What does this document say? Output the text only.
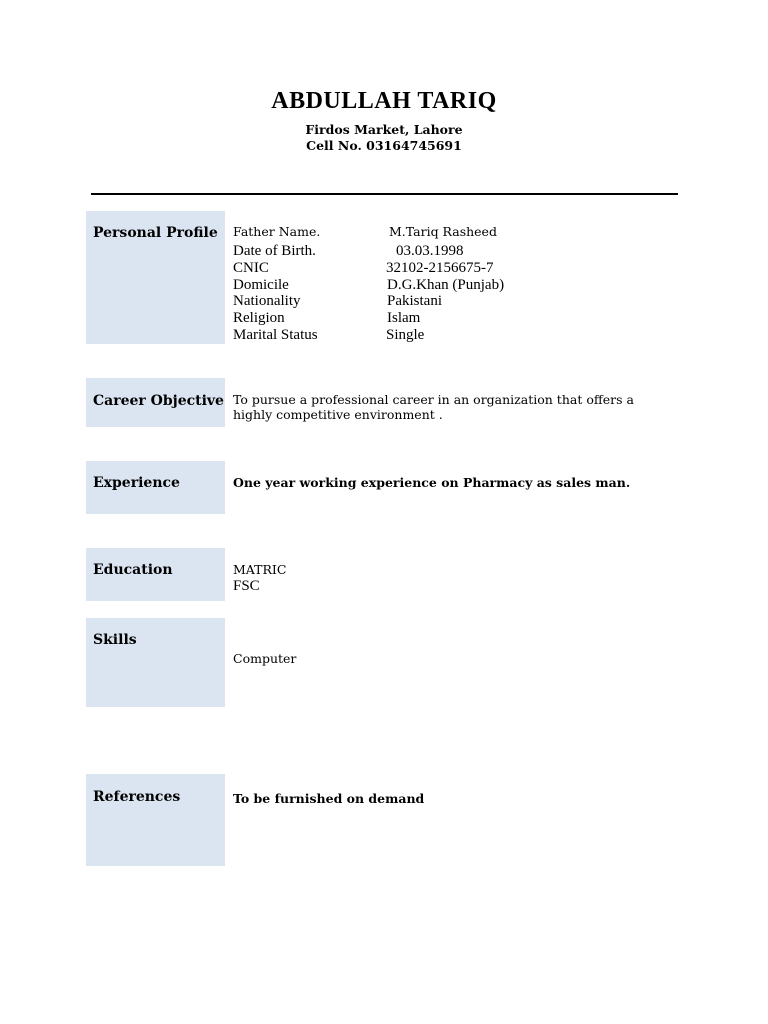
ABDULLAH TARIQ
Firdos Market, Lahore
Cell No. 03164745691
Personal Profile	Father Name.	M.Tariq Rasheed
Date of Birth.	03.03.1998
CNIC	32102-2156675-7
Domicile	D.G.Khan (Punjab)
Nationality	Pakistani
Religion	Islam
Marital Status	Single
Career Objective To pursue a professional career in an organization that offers a
highly competitive environment .
Experience	One year working experience on Pharmacy as sales man.
Education	MATRIC
FSC
Skills
Computer
References	To be furnished on demand
